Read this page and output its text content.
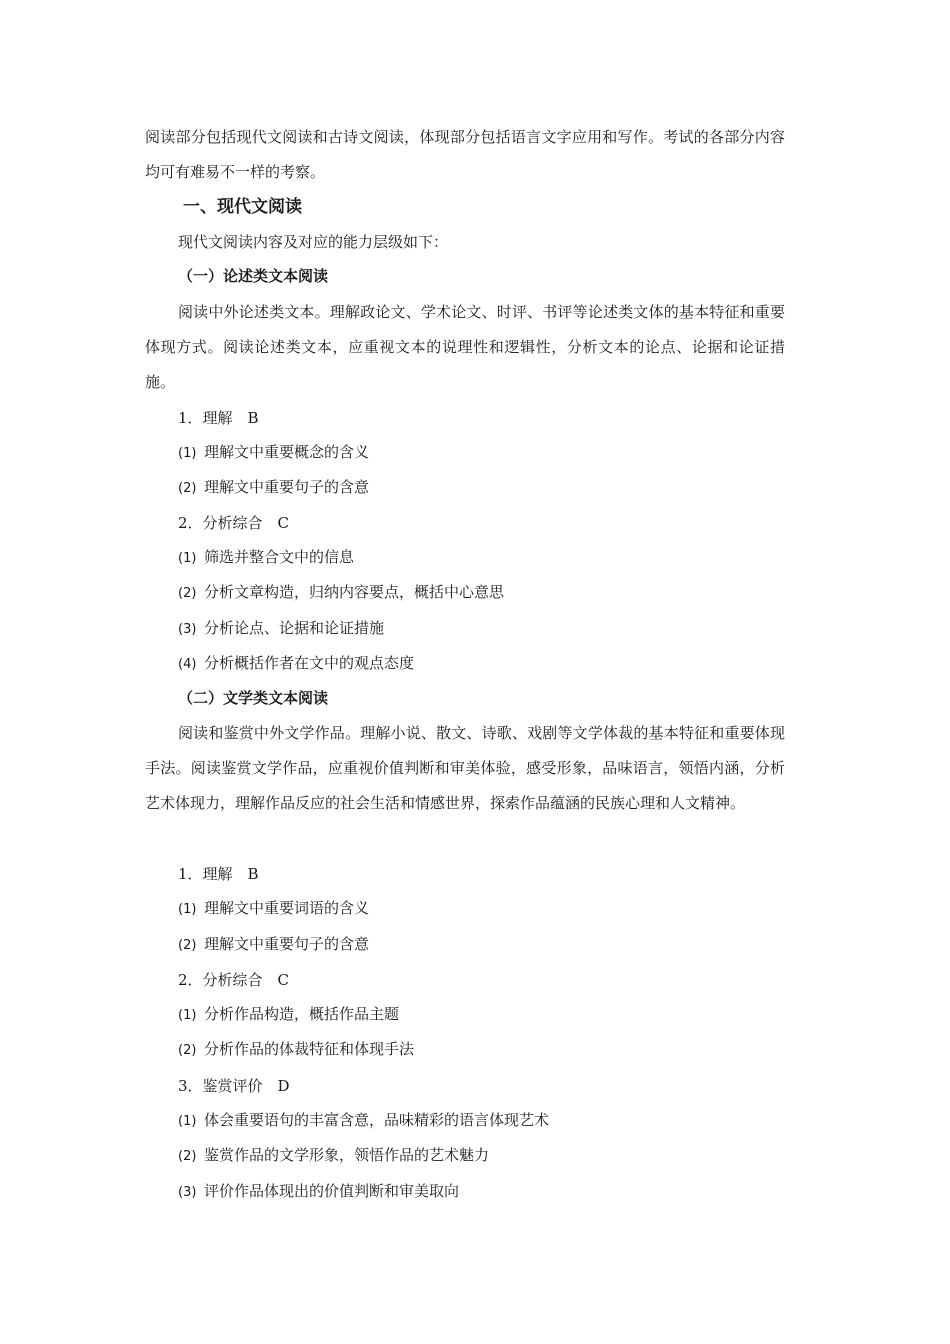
阅读部分包括现代文阅读和古诗文阅读，体现部分包括语言文字应用和写作。考试的各部分内容均可有难易不一样的考察。
一、现代文阅读
现代文阅读内容及对应的能力层级如下：
（一）论述类文本阅读
阅读中外论述类文本。理解政论文、学术论文、时评、书评等论述类文体的基本特征和重要体现方式。阅读论述类文本，应重视文本的说理性和逻辑性，分析文本的论点、论据和论证措施。
1．理解　B
(1) 理解文中重要概念的含义
(2) 理解文中重要句子的含意
2．分析综合　C
(1) 筛选并整合文中的信息
(2) 分析文章构造，归纳内容要点，概括中心意思
(3) 分析论点、论据和论证措施
(4) 分析概括作者在文中的观点态度
（二）文学类文本阅读
阅读和鉴赏中外文学作品。理解小说、散文、诗歌、戏剧等文学体裁的基本特征和重要体现手法。阅读鉴赏文学作品，应重视价值判断和审美体验，感受形象，品味语言，领悟内涵，分析艺术体现力，理解作品反应的社会生活和情感世界，探索作品蕴涵的民族心理和人文精神。
1．理解　B
(1) 理解文中重要词语的含义
(2) 理解文中重要句子的含意
2．分析综合　C
(1) 分析作品构造，概括作品主题
(2) 分析作品的体裁特征和体现手法
3．鉴赏评价　D
(1) 体会重要语句的丰富含意，品味精彩的语言体现艺术
(2) 鉴赏作品的文学形象，领悟作品的艺术魅力
(3) 评价作品体现出的价值判断和审美取向
